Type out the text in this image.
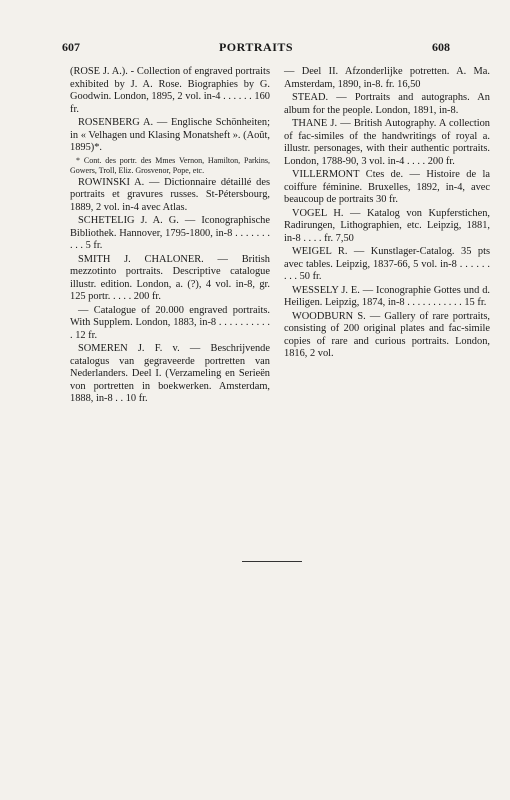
607	PORTRAITS	608

(ROSE J. A.). - Collection of engraved portraits exhibited by J. A. Rose. Biographies by G. Goodwin. London, 1895, 2 vol. in-4 . . . . . . 160 fr.

ROSENBERG A. — Englische Schönheiten; in « Velhagen und Klasing Monatsheft ». (Août, 1895)*.

* Cont. des portr. des Mmes Vernon, Hamilton, Parkins, Gowers, Troll, Eliz. Grosvenor, Pope, etc.

ROWINSKI A. — Dictionnaire détaillé des portraits et gravures russes. St-Pétersbourg, 1889, 2 vol. in-4 avec Atlas.

SCHETELIG J. A. G. — Iconographische Bibliothek. Hannover, 1795-1800, in-8 . . . . . . . . . . 5 fr.

SMITH J. CHALONER. — British mezzotinto portraits. Descriptive catalogue illustr. edition. London, a. (?), 4 vol. in-8, gr. 125 portr. . . . . 200 fr.

— Catalogue of 20.000 engraved portraits. With Supplem. London, 1883, in-8 . . . . . . . . . . . 12 fr.

SOMEREN J. F. v. — Beschrijvende catalogus van gegraveerde portretten van Nederlanders. Deel I. (Verzameling en Serieën von portretten in boekwerken. Amsterdam, 1888, in-8 . . 10 fr.

— Deel II. Afzonderlijke potretten. A. Ma. Amsterdam, 1890, in-8. fr. 16,50

STEAD. — Portraits and autographs. An album for the people. London, 1891, in-8.

THANE J. — British Autography. A collection of fac-similes of the handwritings of royal a. illustr. personages, with their authentic portraits. London, 1788-90, 3 vol. in-4 . . . . 200 fr.

VILLERMONT Ctes de. — Histoire de la coiffure féminine. Bruxelles, 1892, in-4, avec beaucoup de portraits 30 fr.

VOGEL H. — Katalog von Kupferstichen, Radirungen, Lithographien, etc. Leipzig, 1881, in-8 . . . . fr. 7,50

WEIGEL R. — Kunstlager-Catalog. 35 pts avec tables. Leipzig, 1837-66, 5 vol. in-8 . . . . . . . . . 50 fr.

WESSELY J. E. — Iconographie Gottes und d. Heiligen. Leipzig, 1874, in-8 . . . . . . . . . . . 15 fr.

WOODBURN S. — Gallery of rare portraits, consisting of 200 original plates and fac-simile copies of rare and curious portraits. London, 1816, 2 vol.
